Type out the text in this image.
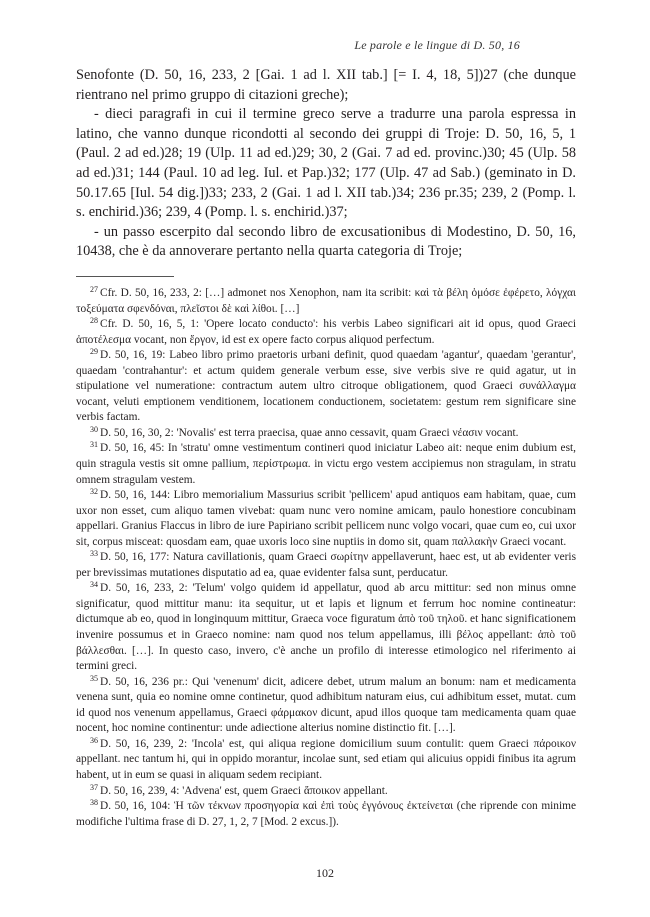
Le parole e le lingue di D. 50, 16

Senofonte (D. 50, 16, 233, 2 [Gai. 1 ad l. XII tab.] [= I. 4, 18, 5])27 (che dunque rientrano nel primo gruppo di citazioni greche);

- dieci paragrafi in cui il termine greco serve a tradurre una parola espressa in latino, che vanno dunque ricondotti al secondo dei gruppi di Troje: D. 50, 16, 5, 1 (Paul. 2 ad ed.)28; 19 (Ulp. 11 ad ed.)29; 30, 2 (Gai. 7 ad ed. provinc.)30; 45 (Ulp. 58 ad ed.)31; 144 (Paul. 10 ad leg. Iul. et Pap.)32; 177 (Ulp. 47 ad Sab.) (geminato in D. 50.17.65 [Iul. 54 dig.])33; 233, 2 (Gai. 1 ad l. XII tab.)34; 236 pr.35; 239, 2 (Pomp. l. s. enchirid.)36; 239, 4 (Pomp. l. s. enchirid.)37;

- un passo escerpito dal secondo libro de excusationibus di Modestino, D. 50, 16, 10438, che è da annoverare pertanto nella quarta categoria di Troje;

$^{27}$ Cfr. D. 50, 16, 233, 2: […] admonet nos Xenophon, nam ita scribit: καὶ τὰ βέλη ὁμόσε ἐφέρετο, λόγχαι τοξεύματα σφενδόναι, πλεῖστοι δὲ καὶ λίθοι. […]

$^{28}$ Cfr. D. 50, 16, 5, 1: 'Opere locato conducto': his verbis Labeo significari ait id opus, quod Graeci ἀποτέλεσμα vocant, non ἔργον, id est ex opere facto corpus aliquod perfectum.

$^{29}$ D. 50, 16, 19: Labeo libro primo praetoris urbani definit, quod quaedam 'agantur', quaedam 'gerantur', quaedam 'contrahantur': et actum quidem generale verbum esse, sive verbis sive re quid agatur, ut in stipulatione vel numeratione: contractum autem ultro citroque obligationem, quod Graeci συνάλλαγμα vocant, veluti emptionem venditionem, locationem conductionem, societatem: gestum rem significare sine verbis factam.

$^{30}$ D. 50, 16, 30, 2: 'Novalis' est terra praecisa, quae anno cessavit, quam Graeci νέασιν vocant.

$^{31}$ D. 50, 16, 45: In 'stratu' omne vestimentum contineri quod iniciatur Labeo ait: neque enim dubium est, quin stragula vestis sit omne pallium, περίστρωμα. in victu ergo vestem accipiemus non stragulam, in stratu omnem stragulam vestem.

$^{32}$ D. 50, 16, 144: Libro memorialium Massurius scribit 'pellicem' apud antiquos eam habitam, quae, cum uxor non esset, cum aliquo tamen vivebat: quam nunc vero nomine amicam, paulo honestiore concubinam appellari. Granius Flaccus in libro de iure Papiriano scribit pellicem nunc volgo vocari, quae cum eo, cui uxor sit, corpus misceat: quosdam eam, quae uxoris loco sine nuptiis in domo sit, quam παλλακὴν Graeci vocant.

$^{33}$ D. 50, 16, 177: Natura cavillationis, quam Graeci σωρίτην appellaverunt, haec est, ut ab evidenter veris per brevissimas mutationes disputatio ad ea, quae evidenter falsa sunt, perducatur.

$^{34}$ D. 50, 16, 233, 2: 'Telum' volgo quidem id appellatur, quod ab arcu mittitur: sed non minus omne significatur, quod mittitur manu: ita sequitur, ut et lapis et lignum et ferrum hoc nomine contineatur: dictumque ab eo, quod in longinquum mittitur, Graeca voce figuratum ἀπὸ τοῦ τηλοῦ. et hanc significationem invenire possumus et in Graeco nomine: nam quod nos telum appellamus, illi βέλος appellant: ἀπὸ τοῦ βάλλεσθαι. […]. In questo caso, invero, c'è anche un profilo di interesse etimologico nel riferimento ai termini greci.

$^{35}$ D. 50, 16, 236 pr.: Qui 'venenum' dicit, adicere debet, utrum malum an bonum: nam et medicamenta venena sunt, quia eo nomine omne continetur, quod adhibitum naturam eius, cui adhibitum esset, mutat. cum id quod nos venenum appellamus, Graeci φάρμακον dicunt, apud illos quoque tam medicamenta quam quae nocent, hoc nomine continentur: unde adiectione alterius nomine distinctio fit. […].

$^{36}$ D. 50, 16, 239, 2: 'Incola' est, qui aliqua regione domicilium suum contulit: quem Graeci πάροικον appellant. nec tantum hi, qui in oppido morantur, incolae sunt, sed etiam qui alicuius oppidi finibus ita agrum habent, ut in eum se quasi in aliquam sedem recipiant.

$^{37}$ D. 50, 16, 239, 4: 'Advena' est, quem Graeci ἄποικον appellant.

$^{38}$ D. 50, 16, 104: Ἡ τῶν τέκνων προσηγορία καὶ ἐπὶ τοὺς ἐγγόνους ἐκτείνεται (che riprende con minime modifiche l'ultima frase di D. 27, 1, 2, 7 [Mod. 2 excus.]).

102
